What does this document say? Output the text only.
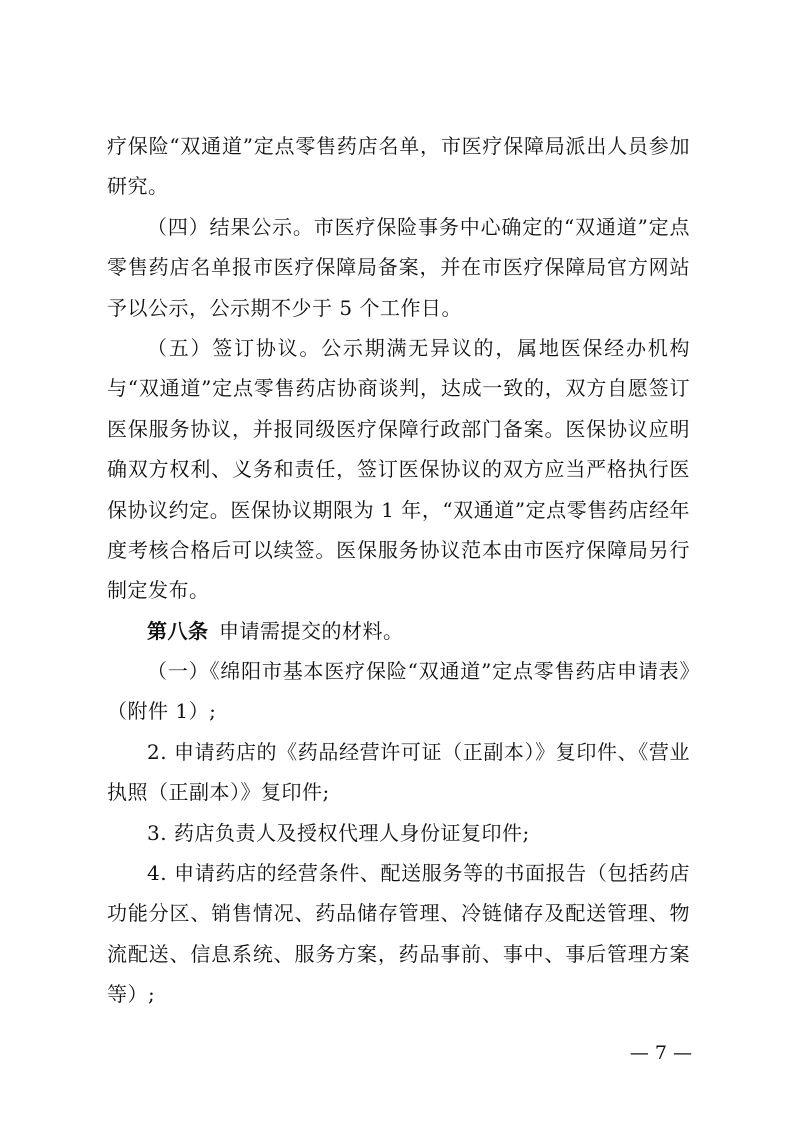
疗保险“双通道”定点零售药店名单，市医疗保障局派出人员参加研究。

（四）结果公示。市医疗保险事务中心确定的“双通道”定点零售药店名单报市医疗保障局备案，并在市医疗保障局官方网站予以公示，公示期不少于 5 个工作日。

（五）签订协议。公示期满无异议的，属地医保经办机构与“双通道”定点零售药店协商谈判，达成一致的，双方自愿签订医保服务协议，并报同级医疗保障行政部门备案。医保协议应明确双方权利、义务和责任，签订医保协议的双方应当严格执行医保协议约定。医保协议期限为 1 年，“双通道”定点零售药店经年度考核合格后可以续签。医保服务协议范本由市医疗保障局另行制定发布。

第八条  申请需提交的材料。

（一）《绵阳市基本医疗保险“双通道”定点零售药店申请表》（附件 1）;

2. 申请药店的《药品经营许可证（正副本）》复印件、《营业执照（正副本）》复印件;

3. 药店负责人及授权代理人身份证复印件;

4. 申请药店的经营条件、配送服务等的书面报告（包括药店功能分区、销售情况、药品储存管理、冷链储存及配送管理、物流配送、信息系统、服务方案，药品事前、事中、事后管理方案等）;

— 7 —
